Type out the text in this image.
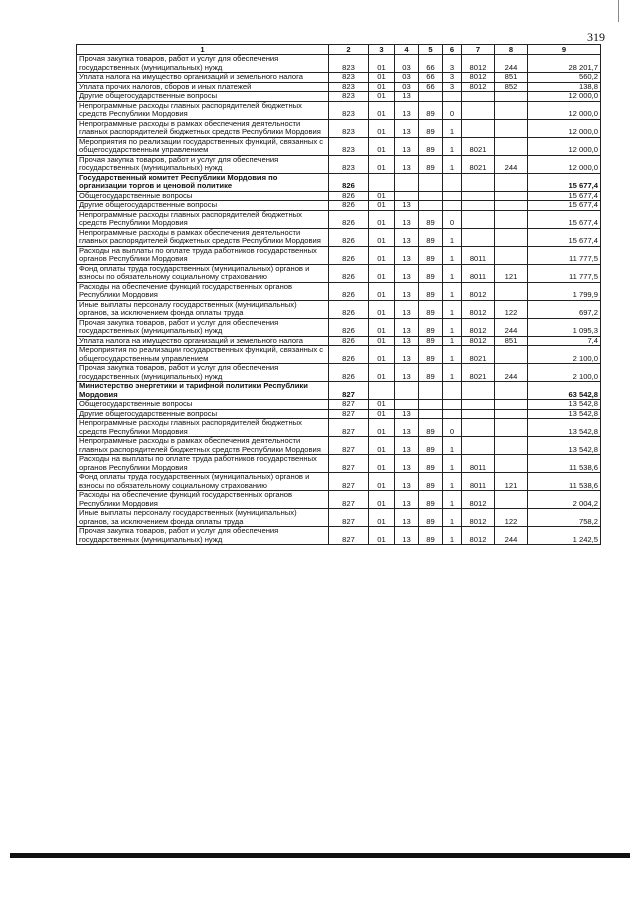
319
1	2	3	4	5	6	7	8	9
Прочая закупка товаров, работ и услуг для обеспечения государственных (муниципальных) нужд	823	01	03	66	3	8012	244	28 201,7
Уплата налога на имущество организаций и земельного налога	823	01	03	66	3	8012	851	560,2
Уплата прочих налогов, сборов и иных платежей	823	01	03	66	3	8012	852	138,8
Другие общегосударственные вопросы	823	01	13					12 000,0
Непрограммные расходы главных распорядителей бюджетных средств Республики Мордовия	823	01	13	89	0			12 000,0
Непрограммные расходы в рамках обеспечения деятельности главных распорядителей бюджетных средств Республики Мордовия	823	01	13	89	1			12 000,0
Мероприятия по реализации государственных функций, связанных с общегосударственным управлением	823	01	13	89	1	8021		12 000,0
Прочая закупка товаров, работ и услуг для обеспечения государственных (муниципальных) нужд	823	01	13	89	1	8021	244	12 000,0
Государственный комитет Республики Мордовия по организации торгов и ценовой политике	826							15 677,4
Общегосударственные вопросы	826	01						15 677,4
Другие общегосударственные вопросы	826	01	13					15 677,4
Непрограммные расходы главных распорядителей бюджетных средств Республики Мордовия	826	01	13	89	0			15 677,4
Непрограммные расходы в рамках обеспечения деятельности главных распорядителей бюджетных средств Республики Мордовия	826	01	13	89	1			15 677,4
Расходы на выплаты по оплате труда работников государственных органов Республики Мордовия	826	01	13	89	1	8011		11 777,5
Фонд оплаты труда государственных (муниципальных) органов и взносы по обязательному социальному страхованию	826	01	13	89	1	8011	121	11 777,5
Расходы на обеспечение функций государственных органов Республики Мордовия	826	01	13	89	1	8012		1 799,9
Иные выплаты персоналу государственных (муниципальных) органов, за исключением фонда оплаты труда	826	01	13	89	1	8012	122	697,2
Прочая закупка товаров, работ и услуг для обеспечения государственных (муниципальных) нужд	826	01	13	89	1	8012	244	1 095,3
Уплата налога на имущество организаций и земельного налога	826	01	13	89	1	8012	851	7,4
Мероприятия по реализации государственных функций, связанных с общегосударственным управлением	826	01	13	89	1	8021		2 100,0
Прочая закупка товаров, работ и услуг для обеспечения государственных (муниципальных) нужд	826	01	13	89	1	8021	244	2 100,0
Министерство энергетики и тарифной политики Республики Мордовия	827							63 542,8
Общегосударственные вопросы	827	01						13 542,8
Другие общегосударственные вопросы	827	01	13					13 542,8
Непрограммные расходы главных распорядителей бюджетных средств Республики Мордовия	827	01	13	89	0			13 542,8
Непрограммные расходы в рамках обеспечения деятельности главных распорядителей бюджетных средств Республики Мордовия	827	01	13	89	1			13 542,8
Расходы на выплаты по оплате труда работников государственных органов Республики Мордовия	827	01	13	89	1	8011		11 538,6
Фонд оплаты труда государственных (муниципальных) органов и взносы по обязательному социальному страхованию	827	01	13	89	1	8011	121	11 538,6
Расходы на обеспечение функций государственных органов Республики Мордовия	827	01	13	89	1	8012		2 004,2
Иные выплаты персоналу государственных (муниципальных) органов, за исключением фонда оплаты труда	827	01	13	89	1	8012	122	758,2
Прочая закупка товаров, работ и услуг для обеспечения государственных (муниципальных) нужд	827	01	13	89	1	8012	244	1 242,5
